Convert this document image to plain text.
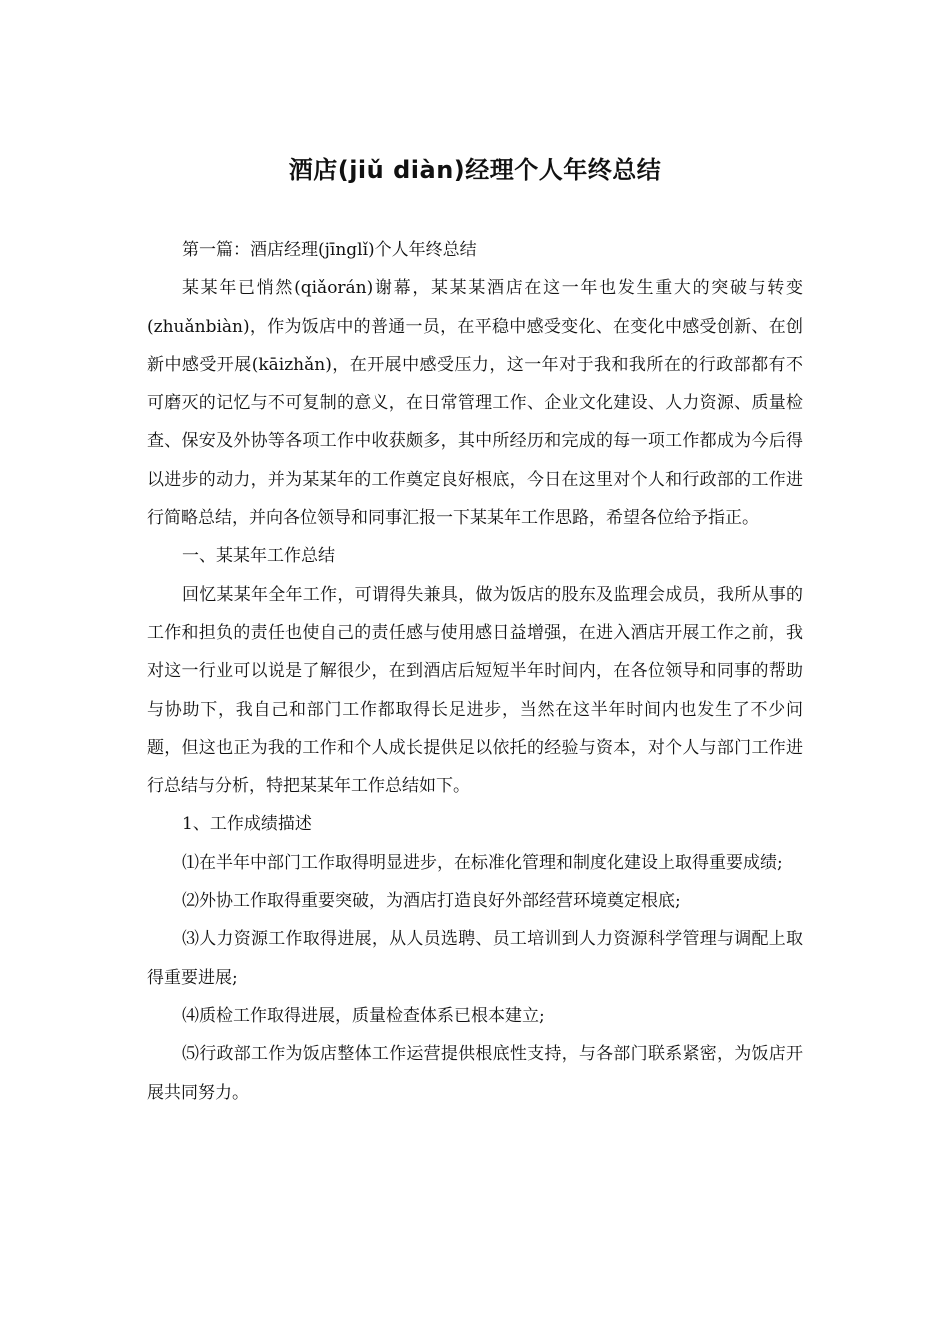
酒店(jiǔ diàn)经理个人年终总结

第一篇：酒店经理(jīnglǐ)个人年终总结

某某年已悄然(qiǎorán)谢幕，某某某酒店在这一年也发生重大的突破与转变(zhuǎnbiàn)，作为饭店中的普通一员，在平稳中感受变化、在变化中感受创新、在创新中感受开展(kāizhǎn)，在开展中感受压力，这一年对于我和我所在的行政部都有不可磨灭的记忆与不可复制的意义，在日常管理工作、企业文化建设、人力资源、质量检查、保安及外协等各项工作中收获颇多，其中所经历和完成的每一项工作都成为今后得以进步的动力，并为某某年的工作奠定良好根底，今日在这里对个人和行政部的工作进行简略总结，并向各位领导和同事汇报一下某某年工作思路，希望各位给予指正。

一、某某年工作总结

回忆某某年全年工作，可谓得失兼具，做为饭店的股东及监理会成员，我所从事的工作和担负的责任也使自己的责任感与使用感日益增强，在进入酒店开展工作之前，我对这一行业可以说是了解很少，在到酒店后短短半年时间内，在各位领导和同事的帮助与协助下，我自己和部门工作都取得长足进步，当然在这半年时间内也发生了不少问题，但这也正为我的工作和个人成长提供足以依托的经验与资本，对个人与部门工作进行总结与分析，特把某某年工作总结如下。

1、工作成绩描述

⑴在半年中部门工作取得明显进步，在标准化管理和制度化建设上取得重要成绩;

⑵外协工作取得重要突破，为酒店打造良好外部经营环境奠定根底;

⑶人力资源工作取得进展，从人员选聘、员工培训到人力资源科学管理与调配上取得重要进展;

⑷质检工作取得进展，质量检查体系已根本建立;

⑸行政部工作为饭店整体工作运营提供根底性支持，与各部门联系紧密，为饭店开展共同努力。
